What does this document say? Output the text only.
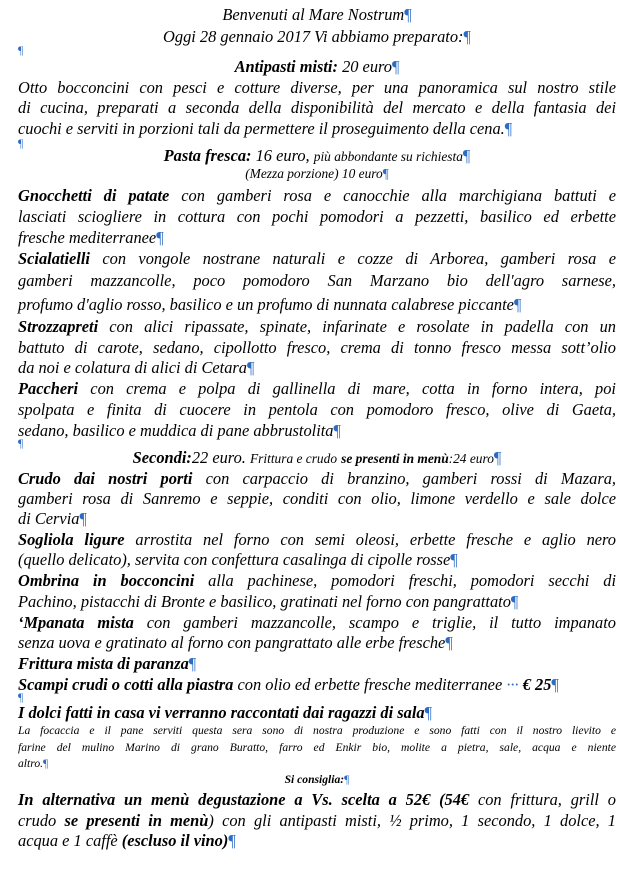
Benvenuti al Mare Nostrum¶
Oggi 28 gennaio 2017 Vi abbiamo preparato:¶
¶
Antipasti misti: 20 euro¶
Otto bocconcini con pesci e cotture diverse, per una panoramica sul nostro stile
di cucina, preparati a seconda della disponibilità del mercato e della fantasia dei
cuochi e serviti in porzioni tali da permettere il proseguimento della cena.¶
¶
Pasta fresca: 16 euro, più abbondante su richiesta¶
(Mezza porzione) 10 euro¶
Gnocchetti di patate con gamberi rosa e canocchie alla marchigiana battuti e
lasciati sciogliere in cottura con pochi pomodori a pezzetti, basilico ed erbette
fresche mediterranee¶
Scialatielli con vongole nostrane naturali e cozze di Arborea, gamberi rosa e
gamberi mazzancolle, poco pomodoro San Marzano bio dell'agro sarnese,
profumo d'aglio rosso, basilico e un profumo di nunnata calabrese piccante¶
Strozzapreti con alici ripassate, spinate, infarinate e rosolate in padella con un
battuto di carote, sedano, cipollotto fresco, crema di tonno fresco messa sott’olio
da noi e colatura di alici di Cetara¶
Paccheri con crema e polpa di gallinella di mare, cotta in forno intera, poi
spolpata e finita di cuocere in pentola con pomodoro fresco, olive di Gaeta,
sedano, basilico e muddica di pane abbrustolita¶
¶
Secondi:22 euro. Frittura e crudo se presenti in menù:24 euro¶
Crudo dai nostri porti con carpaccio di branzino, gamberi rossi di Mazara,
gamberi rosa di Sanremo e seppie, conditi con olio, limone verdello e sale dolce
di Cervia¶
Sogliola ligure arrostita nel forno con semi oleosi, erbette fresche e aglio nero
(quello delicato), servita con confettura casalinga di cipolle rosse¶
Ombrina in bocconcini alla pachinese, pomodori freschi, pomodori secchi di
Pachino, pistacchi di Bronte e basilico, gratinati nel forno con pangrattato¶
‘Mpanata mista con gamberi mazzancolle, scampo e triglie, il tutto impanato
senza uova e gratinato al forno con pangrattato alle erbe fresche¶
Frittura mista di paranza¶
Scampi crudi o cotti alla piastra con olio ed erbette fresche mediterranee ··· € 25¶
¶
I dolci fatti in casa vi verranno raccontati dai ragazzi di sala¶
La focaccia e il pane serviti questa sera sono di nostra produzione e sono fatti con il nostro lievito e
farine del mulino Marino di grano Buratto, farro ed Enkir bio, molite a pietra, sale, acqua e niente
altro.¶
Si consiglia:¶
In alternativa un menù degustazione a Vs. scelta a 52€ (54€ con frittura, grill o
crudo se presenti in menù) con gli antipasti misti, ½ primo, 1 secondo, 1 dolce, 1
acqua e 1 caffè (escluso il vino)¶
